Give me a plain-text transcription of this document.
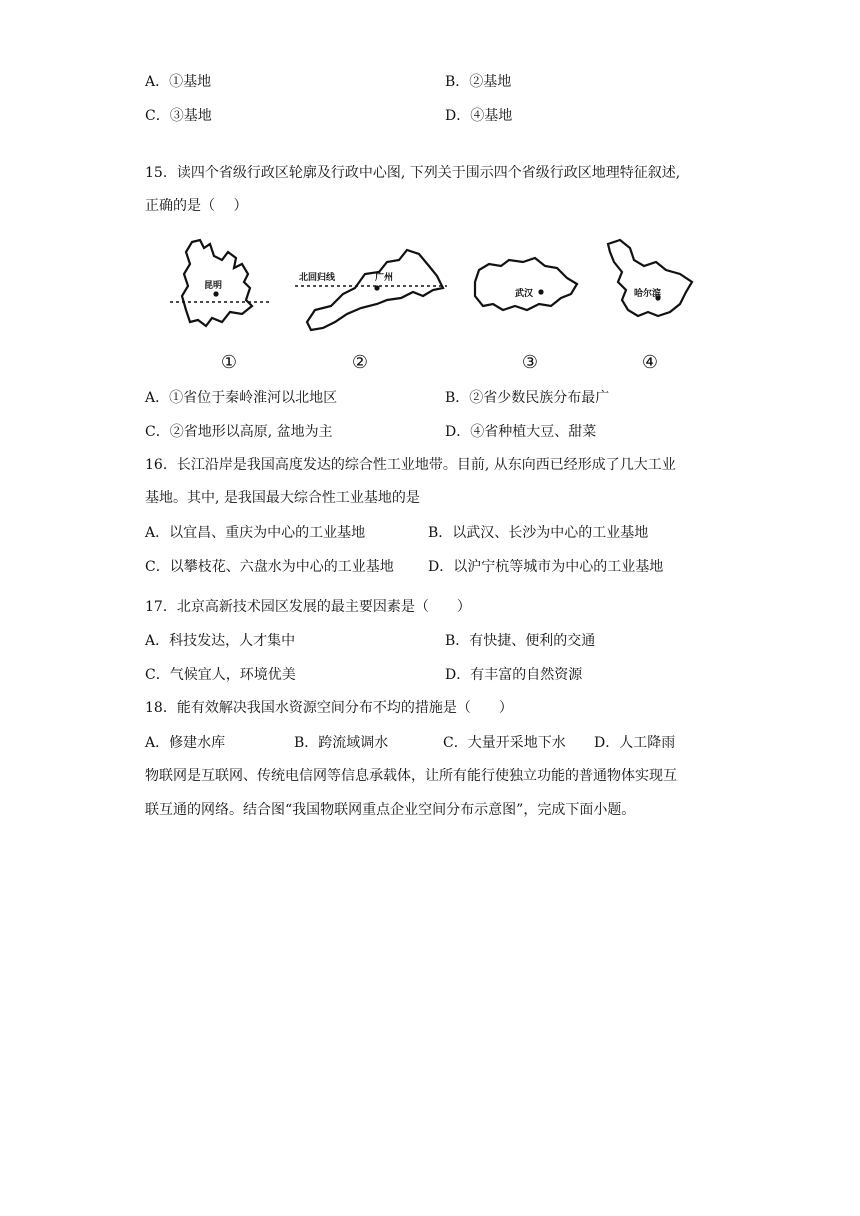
A．①基地	B．②基地
C．③基地	D．④基地
15．读四个省级行政区轮廓及行政中心图, 下列关于围示四个省级行政区地理特征叙述,
正确的是（　 ）
昆明
①
北回归线	广州
②
武汉
③
哈尔滨
④
A．①省位于秦岭淮河以北地区	B．②省少数民族分布最广
C．②省地形以高原, 盆地为主	D．④省种植大豆、甜菜
16．长江沿岸是我国高度发达的综合性工业地带。目前, 从东向西已经形成了几大工业
基地。其中, 是我国最大综合性工业基地的是
A．以宜昌、重庆为中心的工业基地	B．以武汉、长沙为中心的工业基地
C．以攀枝花、六盘水为中心的工业基地 D．以沪宁杭等城市为中心的工业基地
17．北京高新技术园区发展的最主要因素是（　　）
A．科技发达，人才集中	B．有快捷、便利的交通
C．气候宜人，环境优美	D．有丰富的自然资源
18．能有效解决我国水资源空间分布不均的措施是（　　）
A．修建水库	B．跨流域调水	C．大量开采地下水 D．人工降雨
物联网是互联网、传统电信网等信息承载体，让所有能行使独立功能的普通物体实现互
联互通的网络。结合图“我国物联网重点企业空间分布示意图”，完成下面小题。
